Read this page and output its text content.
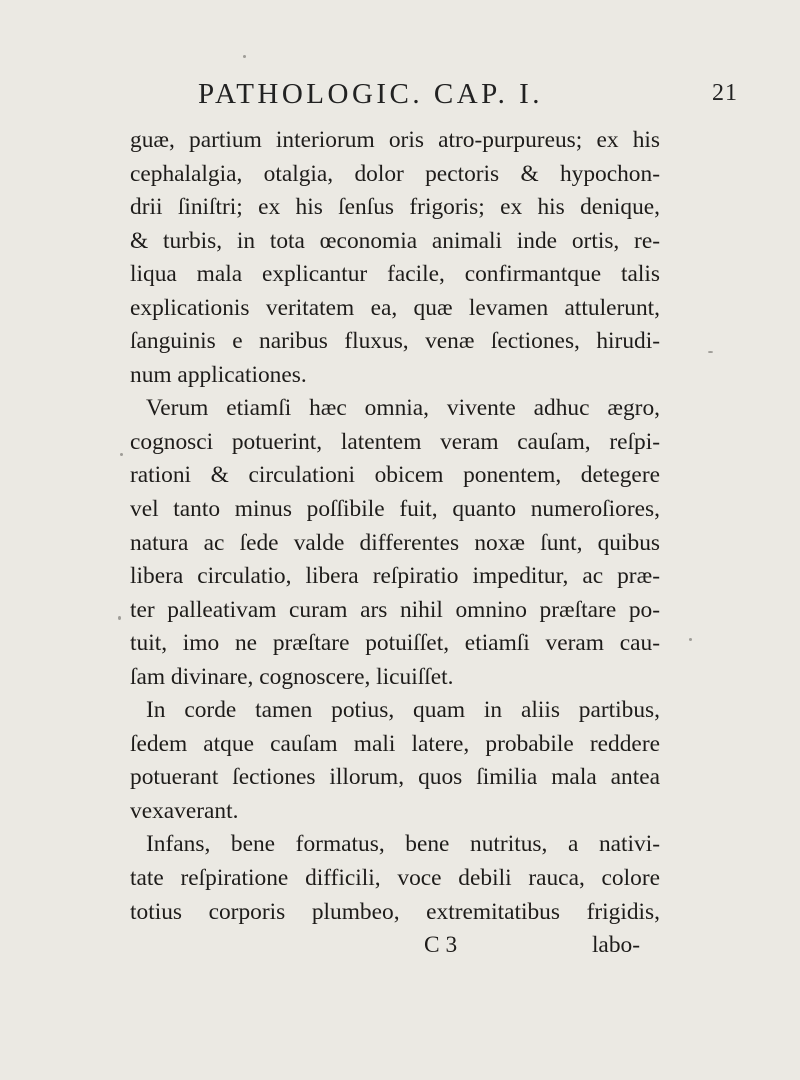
PATHOLOGIC. CAP. I.	21
guæ, partium interiorum oris atro-purpureus; ex his
cephalalgia, otalgia, dolor pectoris & hypochon-
drii ſiniſtri; ex his ſenſus frigoris; ex his denique,
& turbis, in tota œconomia animali inde ortis, re-
liqua mala explicantur facile, confirmantque talis
explicationis veritatem ea, quæ levamen attulerunt,
ſanguinis e naribus fluxus, venæ ſectiones, hirudi-
num applicationes.
Verum etiamſi hæc omnia, vivente adhuc ægro,
cognosci potuerint, latentem veram cauſam, reſpi-
rationi & circulationi obicem ponentem, detegere
vel tanto minus poſſibile fuit, quanto numeroſiores,
natura ac ſede valde differentes noxæ ſunt, quibus
libera circulatio, libera reſpiratio impeditur, ac præ-
ter palleativam curam ars nihil omnino præſtare po-
tuit, imo ne præſtare potuiſſet, etiamſi veram cau-
ſam divinare, cognoscere, licuiſſet.
In corde tamen potius, quam in aliis partibus,
ſedem atque cauſam mali latere, probabile reddere
potuerant ſectiones illorum, quos ſimilia mala antea
vexaverant.
Infans, bene formatus, bene nutritus, a nativi-
tate reſpiratione difficili, voce debili rauca, colore
totius corporis plumbeo, extremitatibus frigidis,
C 3	labo-
